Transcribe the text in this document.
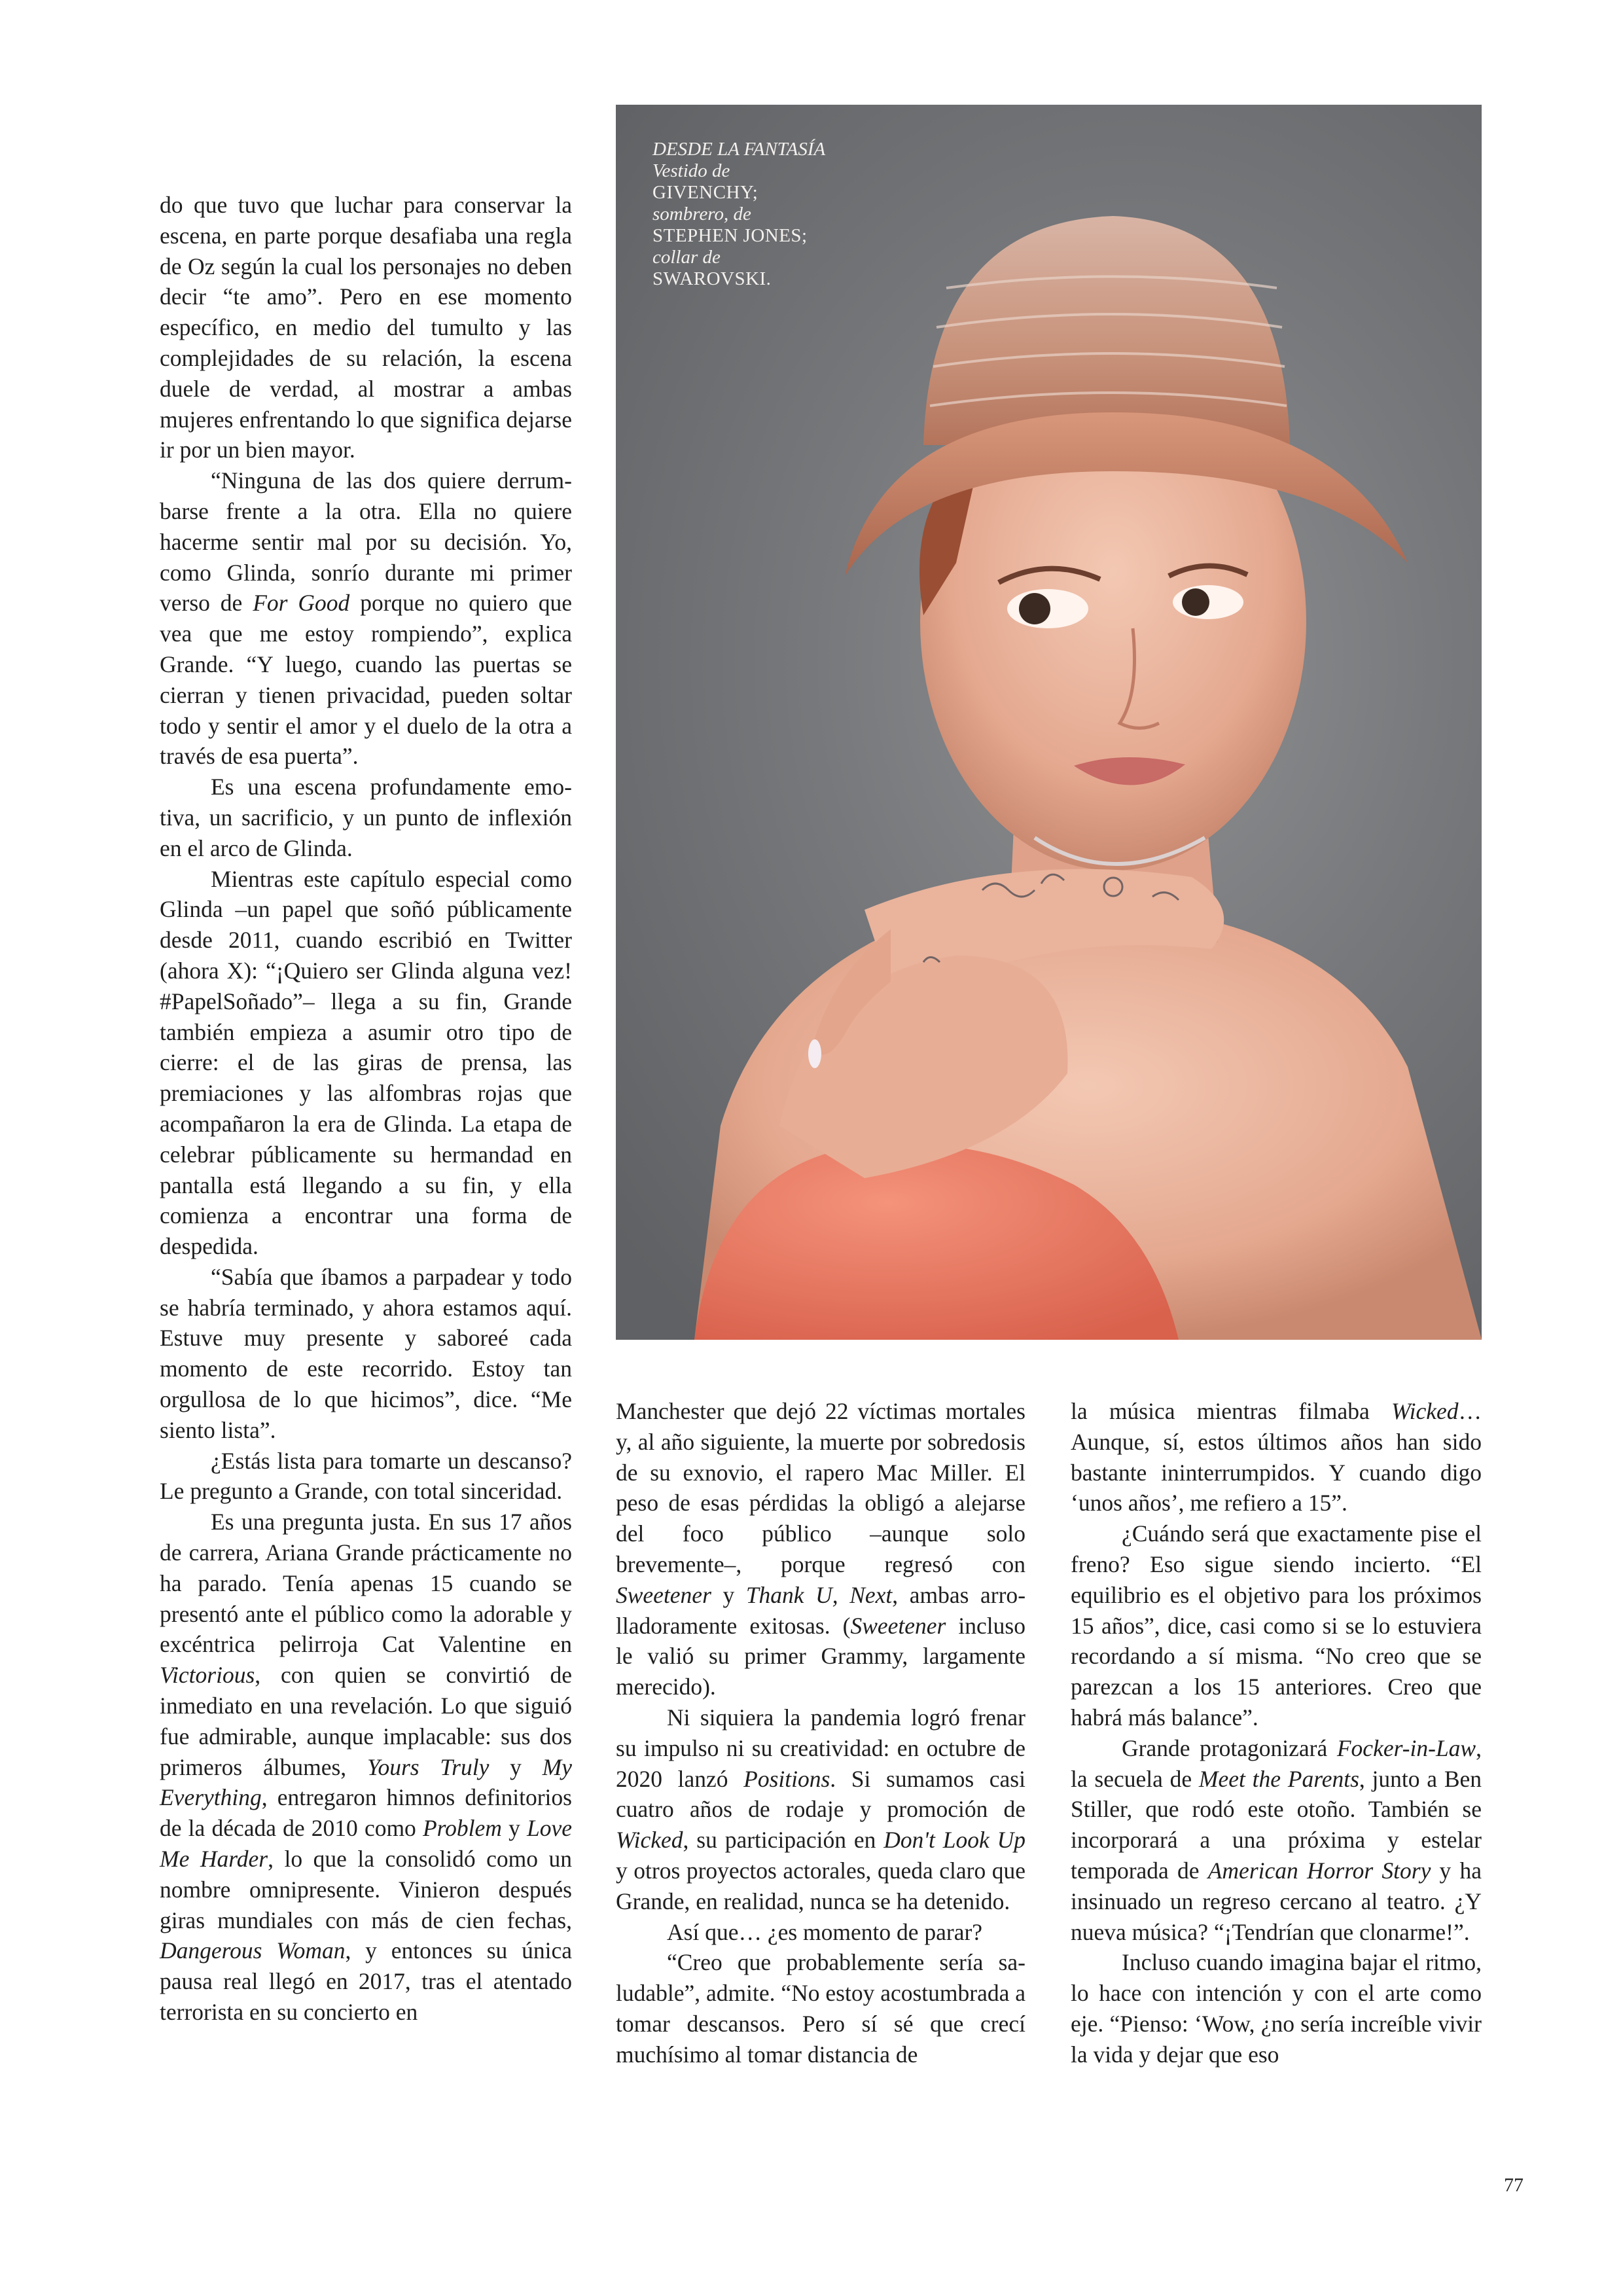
do que tuvo que luchar para conservar la escena, en parte porque desafiaba una regla de Oz según la cual los personajes no deben decir “te amo”. Pero en ese momento específico, en medio del tumulto y las complejidades de su relación, la escena duele de verdad, al mostrar a ambas mujeres enfrentando lo que significa dejarse ir por un bien mayor.

“Ninguna de las dos quiere derrumbarse frente a la otra. Ella no quiere hacerme sentir mal por su decisión. Yo, como Glinda, sonrío durante mi primer verso de For Good porque no quiero que vea que me estoy rompiendo”, explica Grande. “Y luego, cuando las puertas se cierran y tienen privacidad, pueden soltar todo y sentir el amor y el duelo de la otra a través de esa puerta”.

Es una escena profundamente emotiva, un sacrificio, y un punto de inflexión en el arco de Glinda.

Mientras este capítulo especial como Glinda –un papel que soñó públicamente desde 2011, cuando escribió en Twitter (ahora X): “¡Quiero ser Glinda alguna vez! #PapelSoñado”– llega a su fin, Grande también empieza a asumir otro tipo de cierre: el de las giras de prensa, las premiaciones y las alfombras rojas que acompañaron la era de Glinda. La etapa de celebrar públicamente su hermandad en pantalla está llegando a su fin, y ella comienza a encontrar una forma de despedida.

“Sabía que íbamos a parpadear y todo se habría terminado, y ahora estamos aquí. Estuve muy presente y saboreé cada momento de este recorrido. Estoy tan orgullosa de lo que hicimos”, dice. “Me siento lista”.

¿Estás lista para tomarte un descanso? Le pregunto a Grande, con total sinceridad.

Es una pregunta justa. En sus 17 años de carrera, Ariana Grande prácticamente no ha parado. Tenía apenas 15 cuando se presentó ante el público como la adorable y excéntrica pelirroja Cat Valentine en Victorious, con quien se convirtió de inmediato en una revelación. Lo que siguió fue admirable, aunque implacable: sus dos primeros álbumes, Yours Truly y My Everything, entregaron himnos definitorios de la década de 2010 como Problem y Love Me Harder, lo que la consolidó como un nombre omnipresente. Vinieron después giras mundiales con más de cien fechas, Dangerous Woman, y entonces su única pausa real llegó en 2017, tras el atentado terrorista en su concierto en

DESDE LA FANTASÍA
Vestido de
GIVENCHY;
sombrero, de
STEPHEN JONES;
collar de
SWAROVSKI.

Manchester que dejó 22 víctimas mortales y, al año siguiente, la muerte por sobredosis de su exnovio, el rapero Mac Miller. El peso de esas pérdidas la obligó a alejarse del foco público –aunque solo brevemente–, porque regresó con Sweetener y Thank U, Next, ambas arrolladoramente exitosas. (Sweetener incluso le valió su primer Grammy, largamente merecido).

Ni siquiera la pandemia logró frenar su impulso ni su creatividad: en octubre de 2020 lanzó Positions. Si sumamos casi cuatro años de rodaje y promoción de Wicked, su participación en Don't Look Up y otros proyectos actorales, queda claro que Grande, en realidad, nunca se ha detenido.

Así que… ¿es momento de parar?

“Creo que probablemente sería saludable”, admite. “No estoy acostumbrada a tomar descansos. Pero sí sé que crecí muchísimo al tomar distancia de

la música mientras filmaba Wicked… Aunque, sí, estos últimos años han sido bastante ininterrumpidos. Y cuando digo ‘unos años’, me refiero a 15”.

¿Cuándo será que exactamente pise el freno? Eso sigue siendo incierto. “El equilibrio es el objetivo para los próximos 15 años”, dice, casi como si se lo estuviera recordando a sí misma. “No creo que se parezcan a los 15 anteriores. Creo que habrá más balance”.

Grande protagonizará Focker-in-Law, la secuela de Meet the Parents, junto a Ben Stiller, que rodó este otoño. También se incorporará a una próxima y estelar temporada de American Horror Story y ha insinuado un regreso cercano al teatro. ¿Y nueva música? “¡Tendrían que clonarme!”.

Incluso cuando imagina bajar el ritmo, lo hace con intención y con el arte como eje. “Pienso: ‘Wow, ¿no sería increíble vivir la vida y dejar que eso

77
